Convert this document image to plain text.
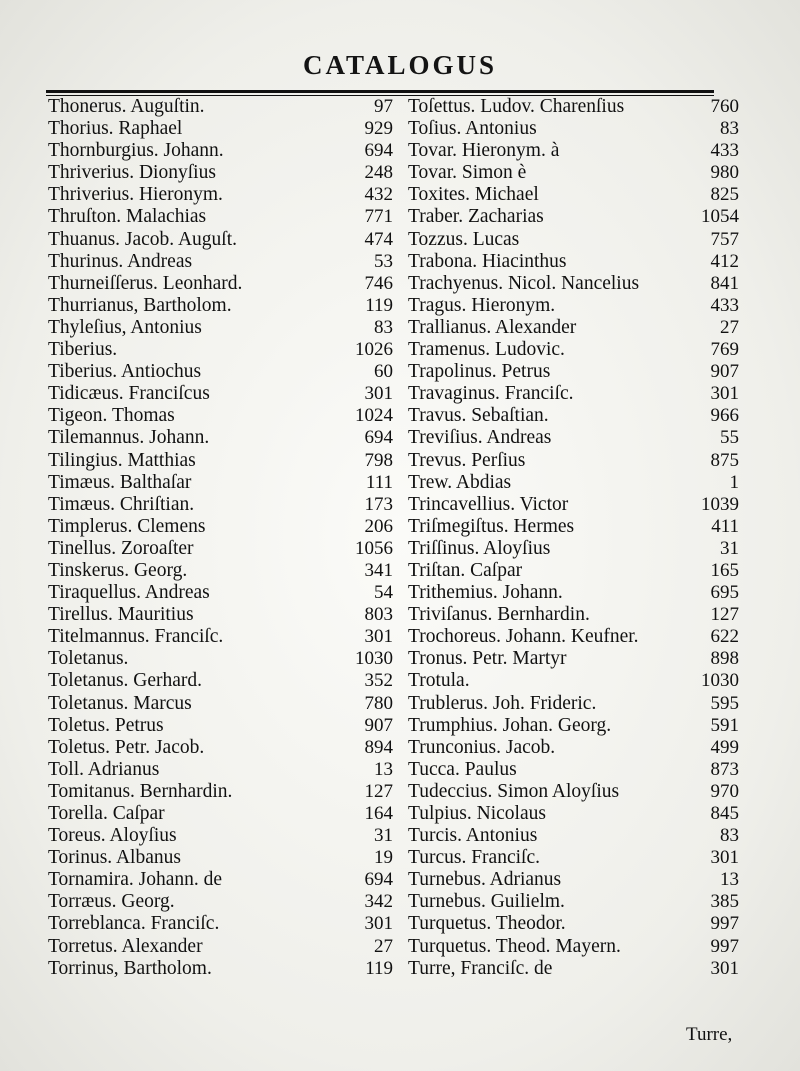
CATALOGUS
Thonerus. Auguſtin.	97
Thorius. Raphael	929
Thornburgius. Johann.	694
Thriverius. Dionyſius	248
Thriverius. Hieronym.	432
Thruſton. Malachias	771
Thuanus. Jacob. Auguſt.	474
Thurinus. Andreas	53
Thurneiſſerus. Leonhard.	746
Thurrianus, Bartholom.	119
Thyleſius, Antonius	83
Tiberius.	1026
Tiberius. Antiochus	60
Tidicæus. Franciſcus	301
Tigeon. Thomas	1024
Tilemannus. Johann.	694
Tilingius. Matthias	798
Timæus. Balthaſar	111
Timæus. Chriſtian.	173
Timplerus. Clemens	206
Tinellus. Zoroaſter	1056
Tinskerus. Georg.	341
Tiraquellus. Andreas	54
Tirellus. Mauritius	803
Titelmannus. Franciſc.	301
Toletanus.	1030
Toletanus. Gerhard.	352
Toletanus. Marcus	780
Toletus. Petrus	907
Toletus. Petr. Jacob.	894
Toll. Adrianus	13
Tomitanus. Bernhardin.	127
Torella. Caſpar	164
Toreus. Aloyſius	31
Torinus. Albanus	19
Tornamira. Johann. de	694
Torræus. Georg.	342
Torreblanca. Franciſc.	301
Torretus. Alexander	27
Torrinus, Bartholom.	119
Toſettus. Ludov. Charenſius	760
Toſius. Antonius	83
Tovar. Hieronym. à	433
Tovar. Simon è	980
Toxites. Michael	825
Traber. Zacharias	1054
Tozzus. Lucas	757
Trabona. Hiacinthus	412
Trachyenus. Nicol. Nancelius	841
Tragus. Hieronym.	433
Trallianus. Alexander	27
Tramenus. Ludovic.	769
Trapolinus. Petrus	907
Travaginus. Franciſc.	301
Travus. Sebaſtian.	966
Treviſius. Andreas	55
Trevus. Perſius	875
Trew. Abdias	1
Trincavellius. Victor	1039
Triſmegiſtus. Hermes	411
Triſſinus. Aloyſius	31
Triſtan. Caſpar	165
Trithemius. Johann.	695
Triviſanus. Bernhardin.	127
Trochoreus. Johann. Keufner.	622
Tronus. Petr. Martyr	898
Trotula.	1030
Trublerus. Joh. Frideric.	595
Trumphius. Johan. Georg.	591
Trunconius. Jacob.	499
Tucca. Paulus	873
Tudeccius. Simon Aloyſius	970
Tulpius. Nicolaus	845
Turcis. Antonius	83
Turcus. Franciſc.	301
Turnebus. Adrianus	13
Turnebus. Guilielm.	385
Turquetus. Theodor.	997
Turquetus. Theod. Mayern.	997
Turre, Franciſc. de	301
Turre,
